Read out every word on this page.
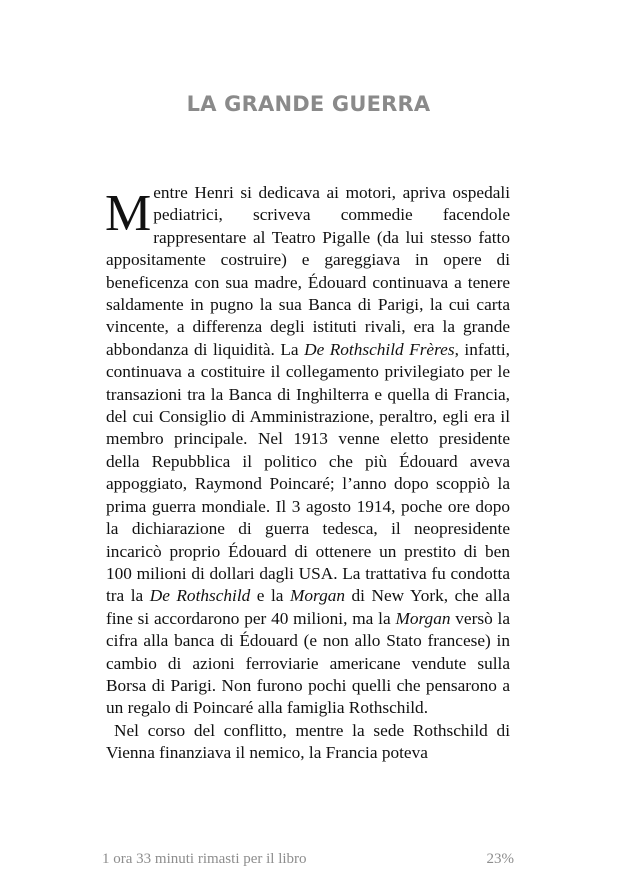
LA GRANDE GUERRA

Mentre Henri si dedicava ai motori, apriva ospedali pediatrici, scriveva commedie facendole rappresentare al Teatro Pigalle (da lui stesso fatto appositamente costruire) e gareggiava in opere di beneficenza con sua madre, Édouard continuava a tenere saldamente in pugno la sua Banca di Parigi, la cui carta vincente, a differenza degli istituti rivali, era la grande abbondanza di liquidità. La De Rothschild Frères, infatti, continuava a costituire il collegamento privilegiato per le transazioni tra la Banca di Inghilterra e quella di Francia, del cui Consiglio di Amministrazione, peraltro, egli era il membro principale. Nel 1913 venne eletto presidente della Repubblica il politico che più Édouard aveva appoggiato, Raymond Poincaré; l’anno dopo scoppiò la prima guerra mondiale. Il 3 agosto 1914, poche ore dopo la dichiarazione di guerra tedesca, il neopresidente incaricò proprio Édouard di ottenere un prestito di ben 100 milioni di dollari dagli USA. La trattativa fu condotta tra la De Rothschild e la Morgan di New York, che alla fine si accordarono per 40 milioni, ma la Morgan versò la cifra alla banca di Édouard (e non allo Stato francese) in cambio di azioni ferroviarie americane vendute sulla Borsa di Parigi. Non furono pochi quelli che pensarono a un regalo di Poincaré alla famiglia Rothschild.

Nel corso del conflitto, mentre la sede Rothschild di Vienna finanziava il nemico, la Francia poteva

1 ora 33 minuti rimasti per il libro	23%
